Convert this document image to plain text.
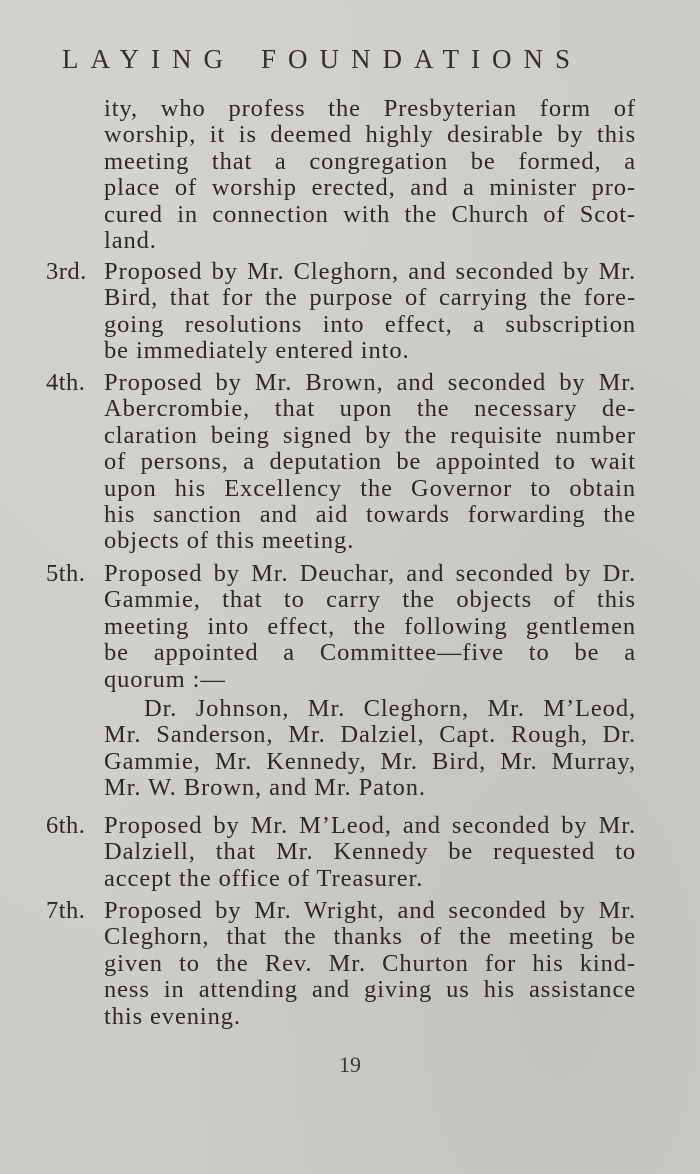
LAYING FOUNDATIONS
ity, who profess the Presbyterian form of
worship, it is deemed highly desirable by this
meeting that a congregation be formed, a
place of worship erected, and a minister pro-
cured in connection with the Church of Scot-
land.
3rd. Proposed by Mr. Cleghorn, and seconded by Mr.
Bird, that for the purpose of carrying the fore-
going resolutions into effect, a subscription
be immediately entered into.
4th. Proposed by Mr. Brown, and seconded by Mr.
Abercrombie, that upon the necessary de-
claration being signed by the requisite number
of persons, a deputation be appointed to wait
upon his Excellency the Governor to obtain
his sanction and aid towards forwarding the
objects of this meeting.
5th. Proposed by Mr. Deuchar, and seconded by Dr.
Gammie, that to carry the objects of this
meeting into effect, the following gentlemen
be appointed a Committee—five to be a
quorum :—
Dr. Johnson, Mr. Cleghorn, Mr. M’Leod,
Mr. Sanderson, Mr. Dalziel, Capt. Rough, Dr.
Gammie, Mr. Kennedy, Mr. Bird, Mr. Murray,
Mr. W. Brown, and Mr. Paton.
6th. Proposed by Mr. M’Leod, and seconded by Mr.
Dalziell, that Mr. Kennedy be requested to
accept the office of Treasurer.
7th. Proposed by Mr. Wright, and seconded by Mr.
Cleghorn, that the thanks of the meeting be
given to the Rev. Mr. Churton for his kind-
ness in attending and giving us his assistance
this evening.
19
